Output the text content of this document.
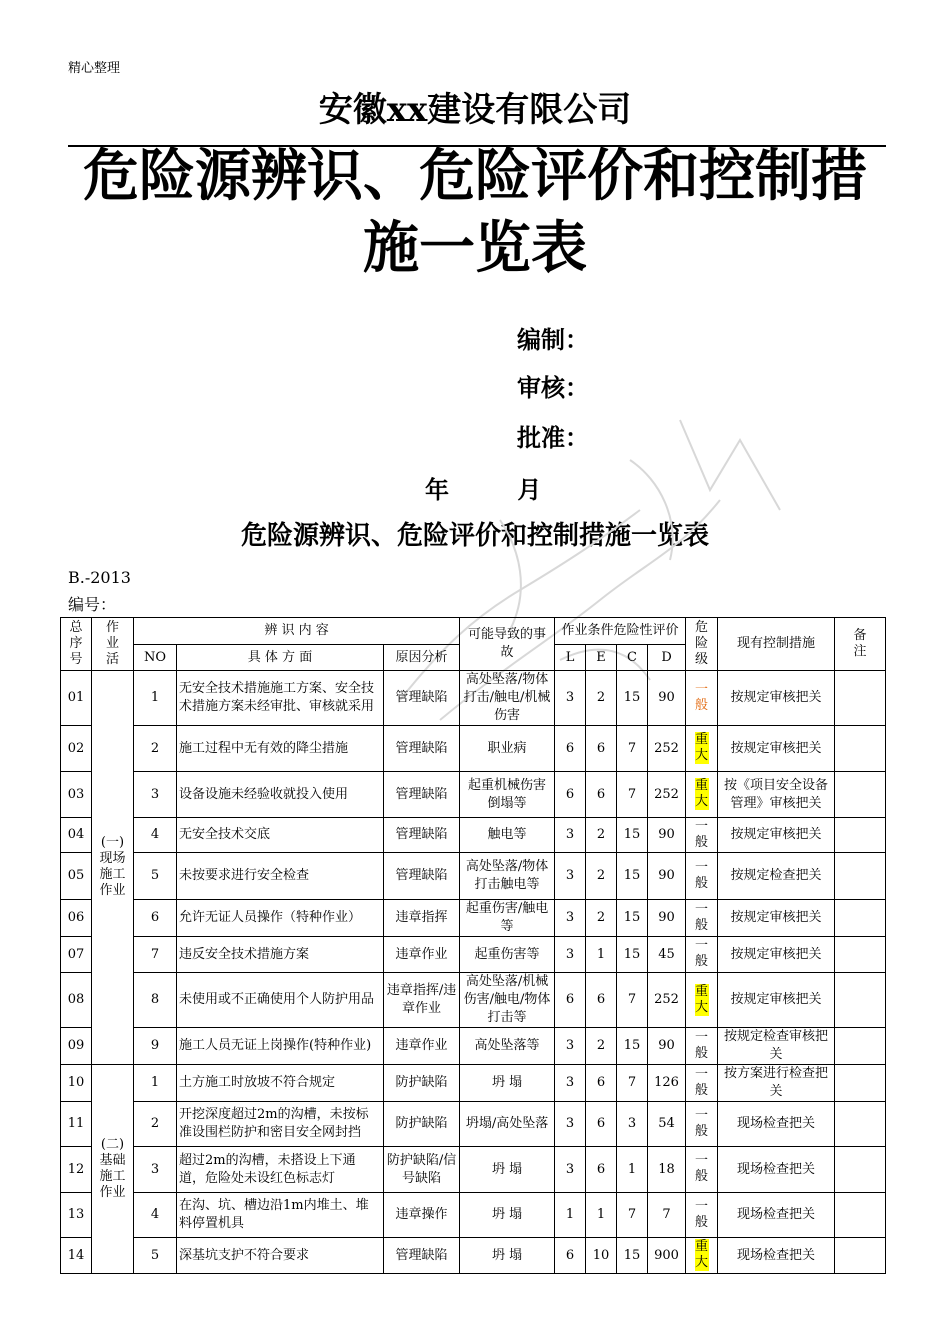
精心整理
安徽xx建设有限公司
危险源辨识、危险评价和控制措
施一览表
编制：
审核：
批准：
年 月
危险源辨识、危险评价和控制措施一览表
B.-2013
编号：
总序号	作业活	辨 识 内 容			可能导致的事故	作业条件危险性评价				危险级	现有控制措施	备注
		NO	具 体 方 面	原因分析		L	E	C	D			
01	(一)现场施工作业	1	无安全技术措施施工方案、安全技术措施方案未经审批、审核就采用	管理缺陷	高处坠落/物体打击/触电/机械伤害	3	2	15	90	一般	按规定审核把关	
02		2	施工过程中无有效的降尘措施	管理缺陷	职业病	6	6	7	252	重大	按规定审核把关	
03		3	设备设施未经验收就投入使用	管理缺陷	起重机械伤害倒塌等	6	6	7	252	重大	按《项目安全设备管理》审核把关	
04		4	无安全技术交底	管理缺陷	触电等	3	2	15	90	一般	按规定审核把关	
05		5	未按要求进行安全检查	管理缺陷	高处坠落/物体打击触电等	3	2	15	90	一般	按规定检查把关	
06		6	允许无证人员操作（特种作业）	违章指挥	起重伤害/触电等	3	2	15	90	一般	按规定审核把关	
07		7	违反安全技术措施方案	违章作业	起重伤害等	3	1	15	45	一般	按规定审核把关	
08		8	未使用或不正确使用个人防护用品	违章指挥/违章作业	高处坠落/机械伤害/触电/物体打击等	6	6	7	252	重大	按规定审核把关	
09		9	施工人员无证上岗操作(特种作业)	违章作业	高处坠落等	3	2	15	90	一般	按规定检查审核把关	
10	(二)基础施工作业	1	土方施工时放坡不符合规定	防护缺陷	坍 塌	3	6	7	126	一般	按方案进行检查把关	
11		2	开挖深度超过2m的沟槽，未按标准设围栏防护和密目安全网封挡	防护缺陷	坍塌/高处坠落	3	6	3	54	一般	现场检查把关	
12		3	超过2m的沟槽，未搭设上下通道，危险处未设红色标志灯	防护缺陷/信号缺陷	坍 塌	3	6	1	18	一般	现场检查把关	
13		4	在沟、坑、槽边沿1m内堆土、堆料停置机具	违章操作	坍 塌	1	1	7	7	一般	现场检查把关	
14		5	深基坑支护不符合要求	管理缺陷	坍 塌	6	10	15	900	重大	现场检查把关	
